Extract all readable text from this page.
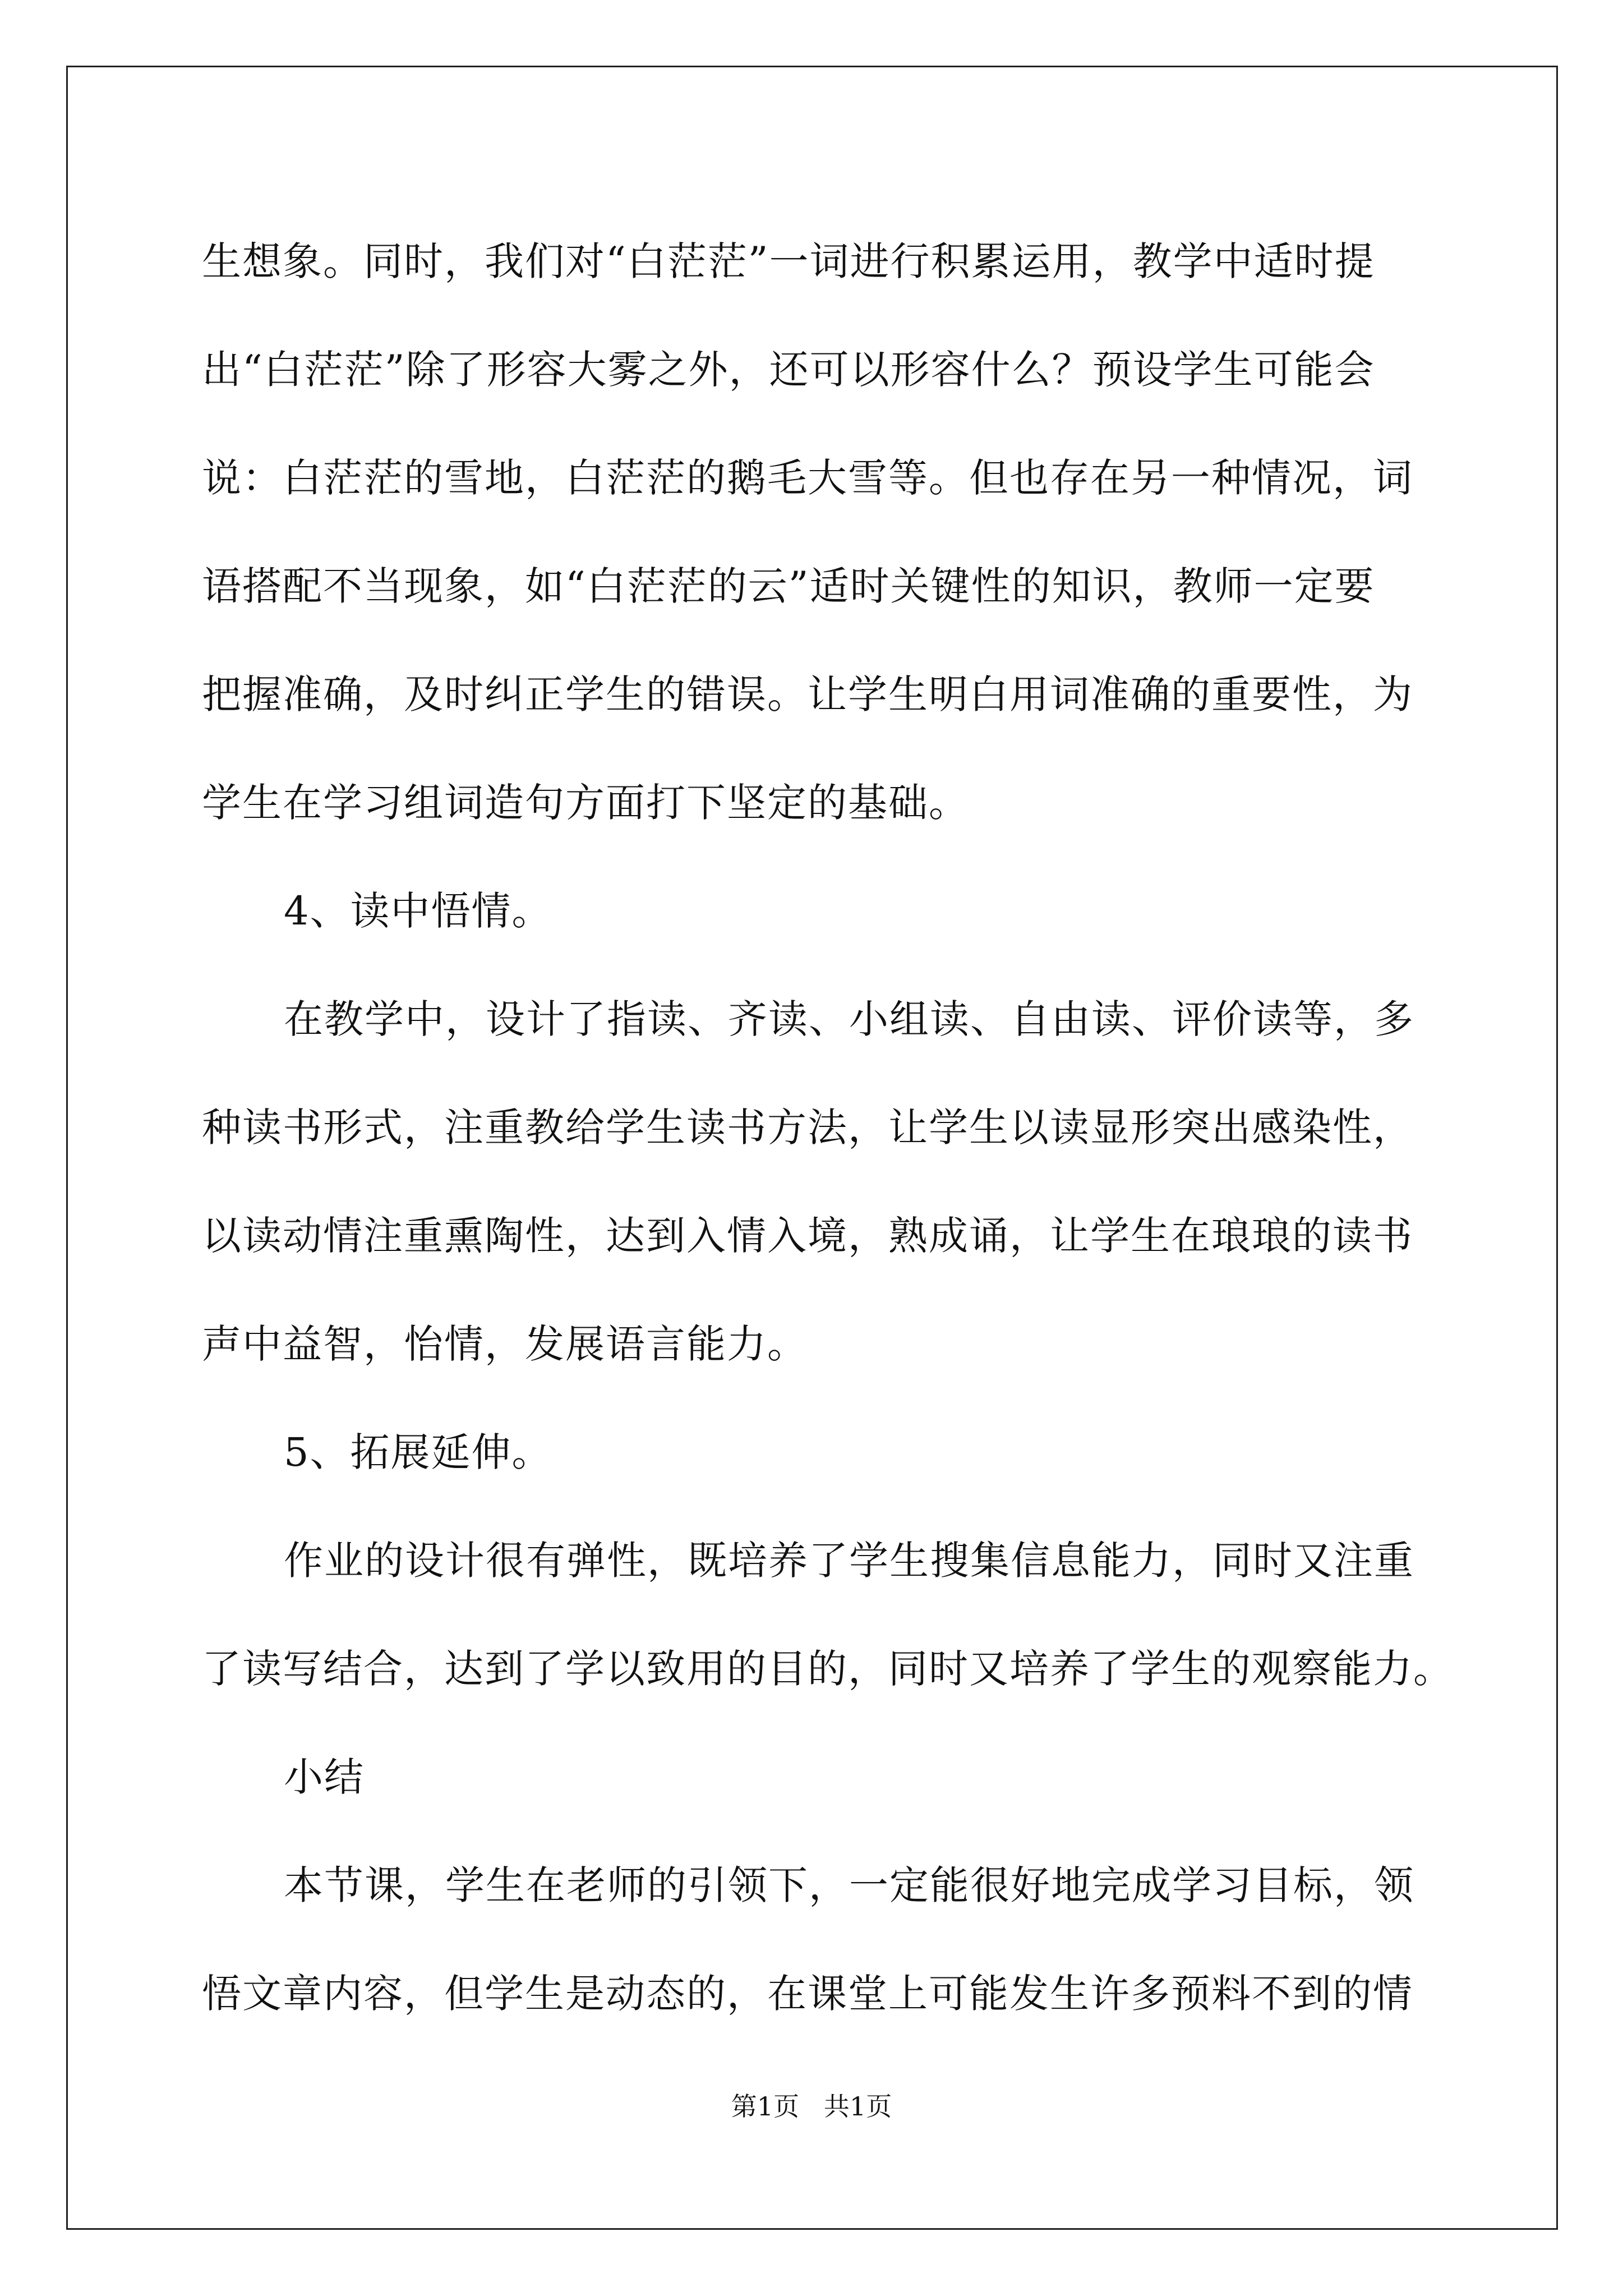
生想象。同时，我们对“白茫茫”一词进行积累运用，教学中适时提
出“白茫茫”除了形容大雾之外，还可以形容什么？预设学生可能会
说：白茫茫的雪地，白茫茫的鹅毛大雪等。但也存在另一种情况，词
语搭配不当现象，如“白茫茫的云”适时关键性的知识，教师一定要
把握准确，及时纠正学生的错误。让学生明白用词准确的重要性，为
学生在学习组词造句方面打下坚定的基础。
4、读中悟情。
在教学中，设计了指读、齐读、小组读、自由读、评价读等，多
种读书形式，注重教给学生读书方法，让学生以读显形突出感染性，
以读动情注重熏陶性，达到入情入境，熟成诵，让学生在琅琅的读书
声中益智，怡情，发展语言能力。
5、拓展延伸。
作业的设计很有弹性，既培养了学生搜集信息能力，同时又注重
了读写结合，达到了学以致用的目的，同时又培养了学生的观察能力。
小结
本节课，学生在老师的引领下，一定能很好地完成学习目标，领
悟文章内容，但学生是动态的，在课堂上可能发生许多预料不到的情
第1页   共1页
